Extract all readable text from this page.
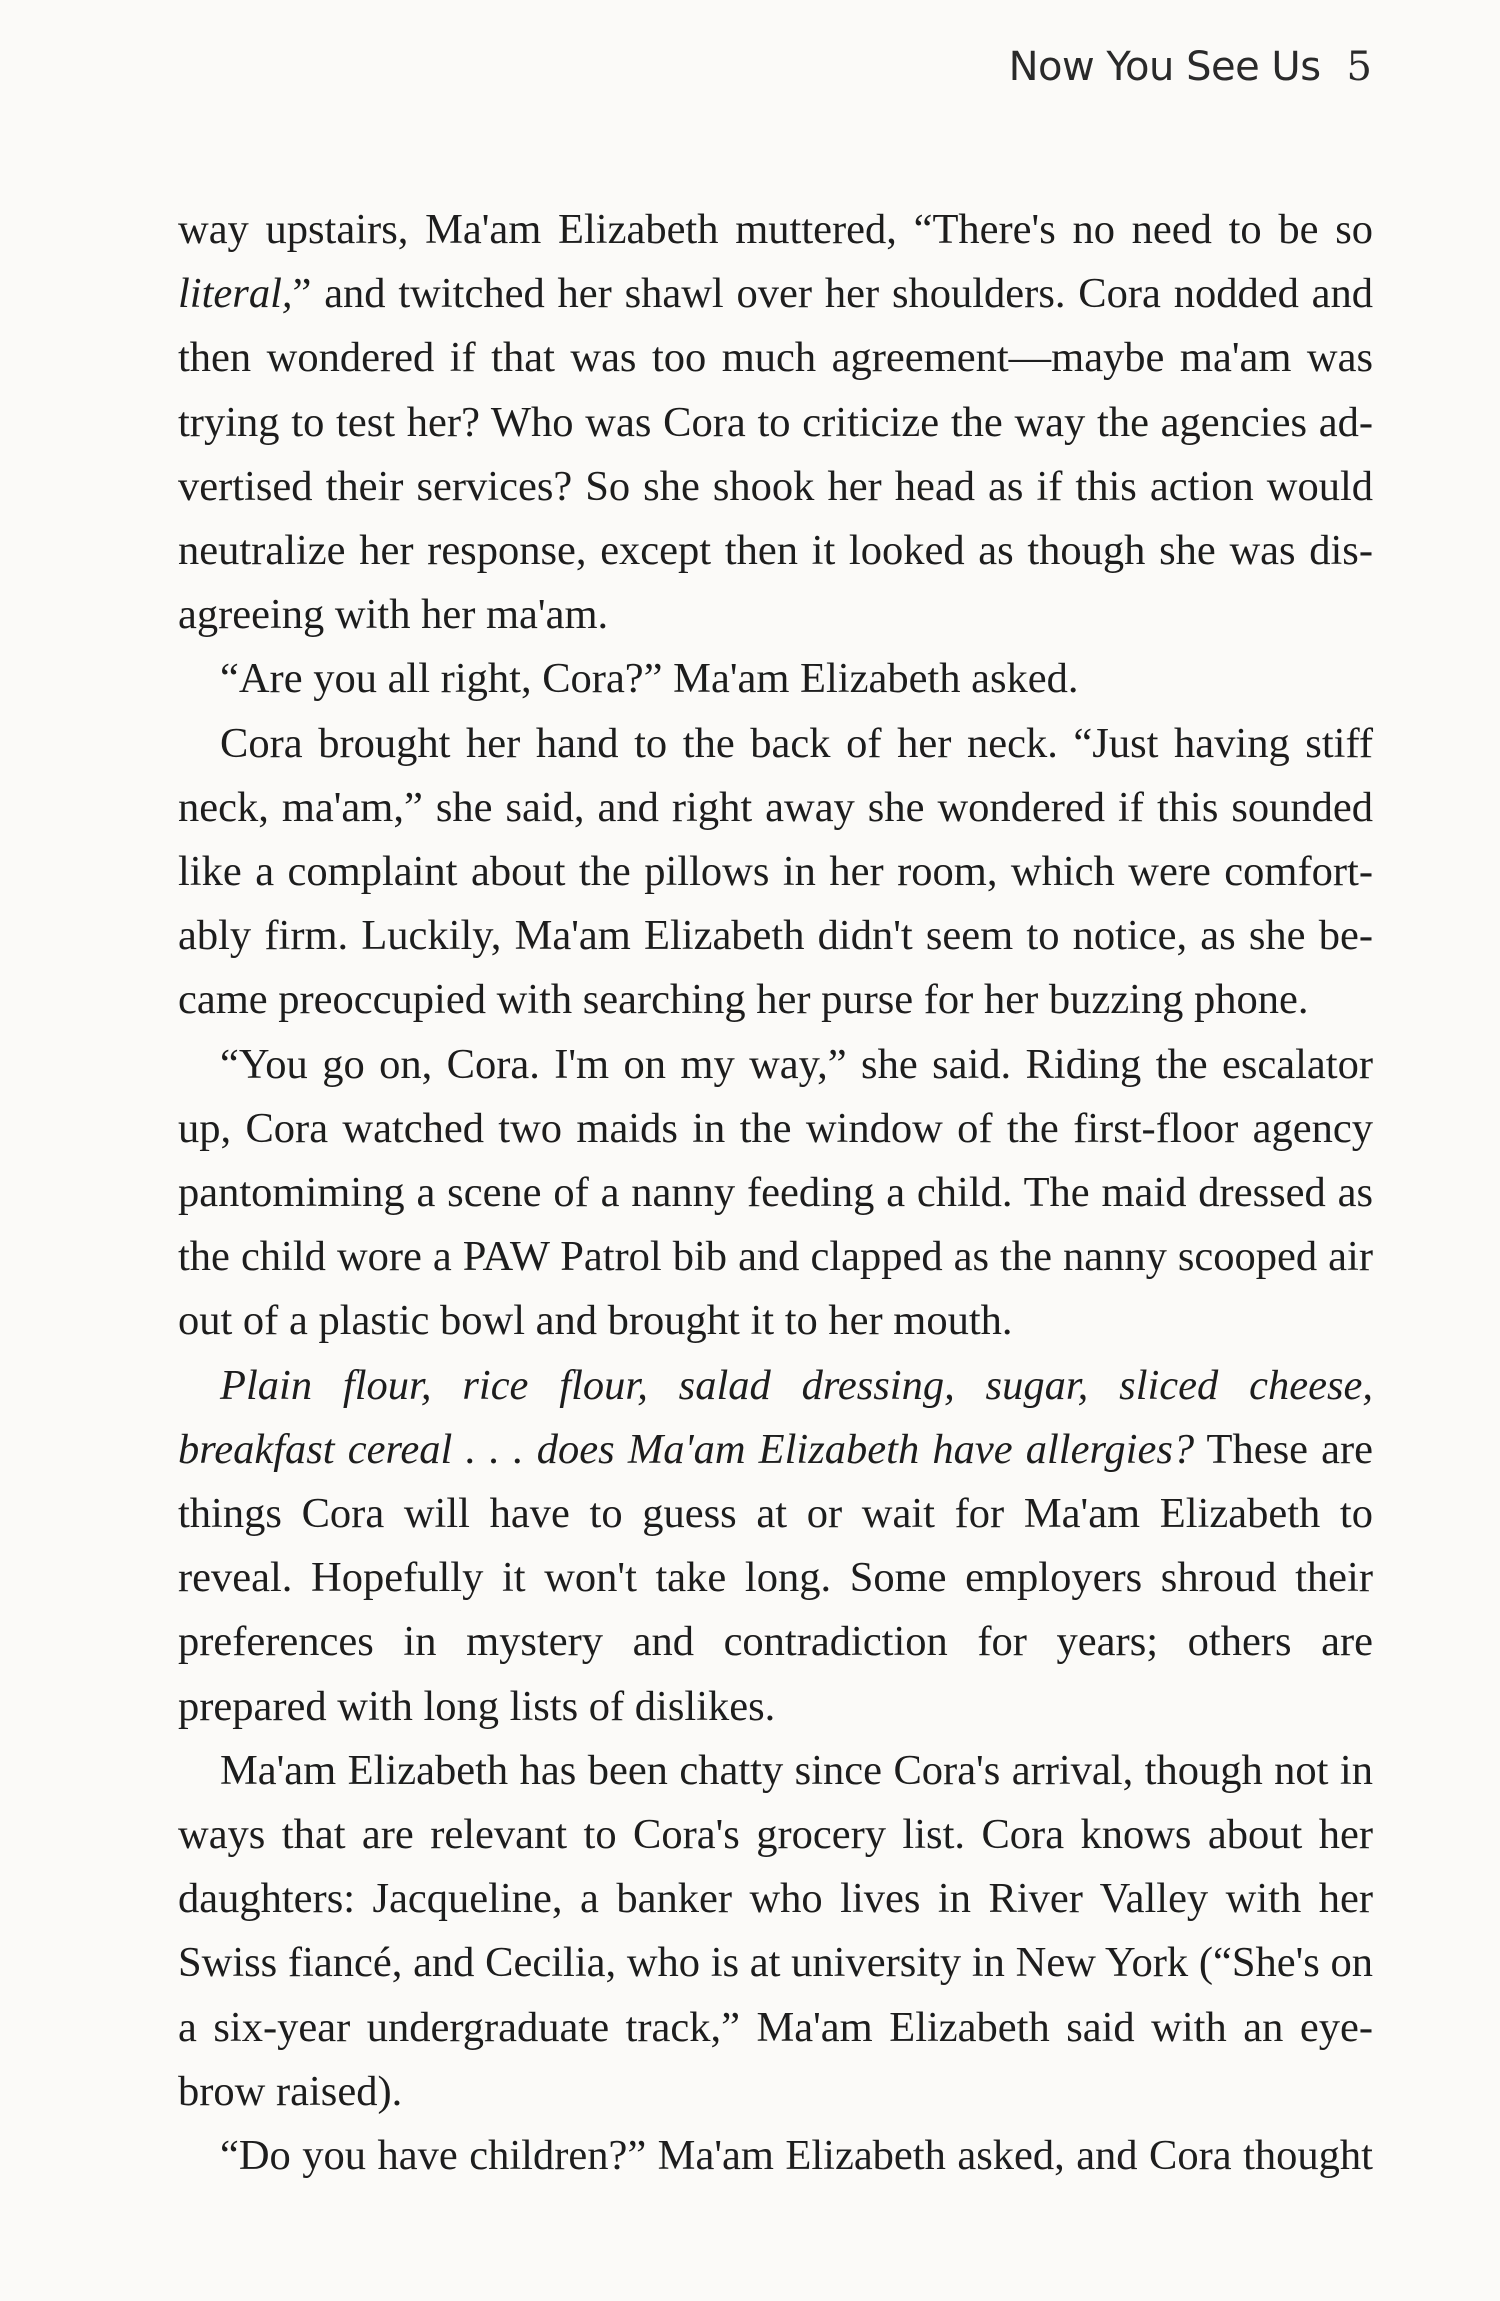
Now You See Us 5

way upstairs, Ma'am Elizabeth muttered, “There's no need to be so literal,” and twitched her shawl over her shoulders. Cora nodded and then wondered if that was too much agreement—maybe ma'am was trying to test her? Who was Cora to criticize the way the agencies advertised their services? So she shook her head as if this action would neutralize her response, except then it looked as though she was disagreeing with her ma'am.

“Are you all right, Cora?” Ma'am Elizabeth asked.

Cora brought her hand to the back of her neck. “Just having stiff neck, ma'am,” she said, and right away she wondered if this sounded like a complaint about the pillows in her room, which were comfortably firm. Luckily, Ma'am Elizabeth didn't seem to notice, as she became preoccupied with searching her purse for her buzzing phone.

“You go on, Cora. I'm on my way,” she said. Riding the escalator up, Cora watched two maids in the window of the first-floor agency pantomiming a scene of a nanny feeding a child. The maid dressed as the child wore a PAW Patrol bib and clapped as the nanny scooped air out of a plastic bowl and brought it to her mouth.

Plain flour, rice flour, salad dressing, sugar, sliced cheese, breakfast cereal . . . does Ma'am Elizabeth have allergies? These are things Cora will have to guess at or wait for Ma'am Elizabeth to reveal. Hopefully it won't take long. Some employers shroud their preferences in mystery and contradiction for years; others are prepared with long lists of dislikes.

Ma'am Elizabeth has been chatty since Cora's arrival, though not in ways that are relevant to Cora's grocery list. Cora knows about her daughters: Jacqueline, a banker who lives in River Valley with her Swiss fiancé, and Cecilia, who is at university in New York (“She's on a six-year undergraduate track,” Ma'am Elizabeth said with an eyebrow raised).

“Do you have children?” Ma'am Elizabeth asked, and Cora thought
